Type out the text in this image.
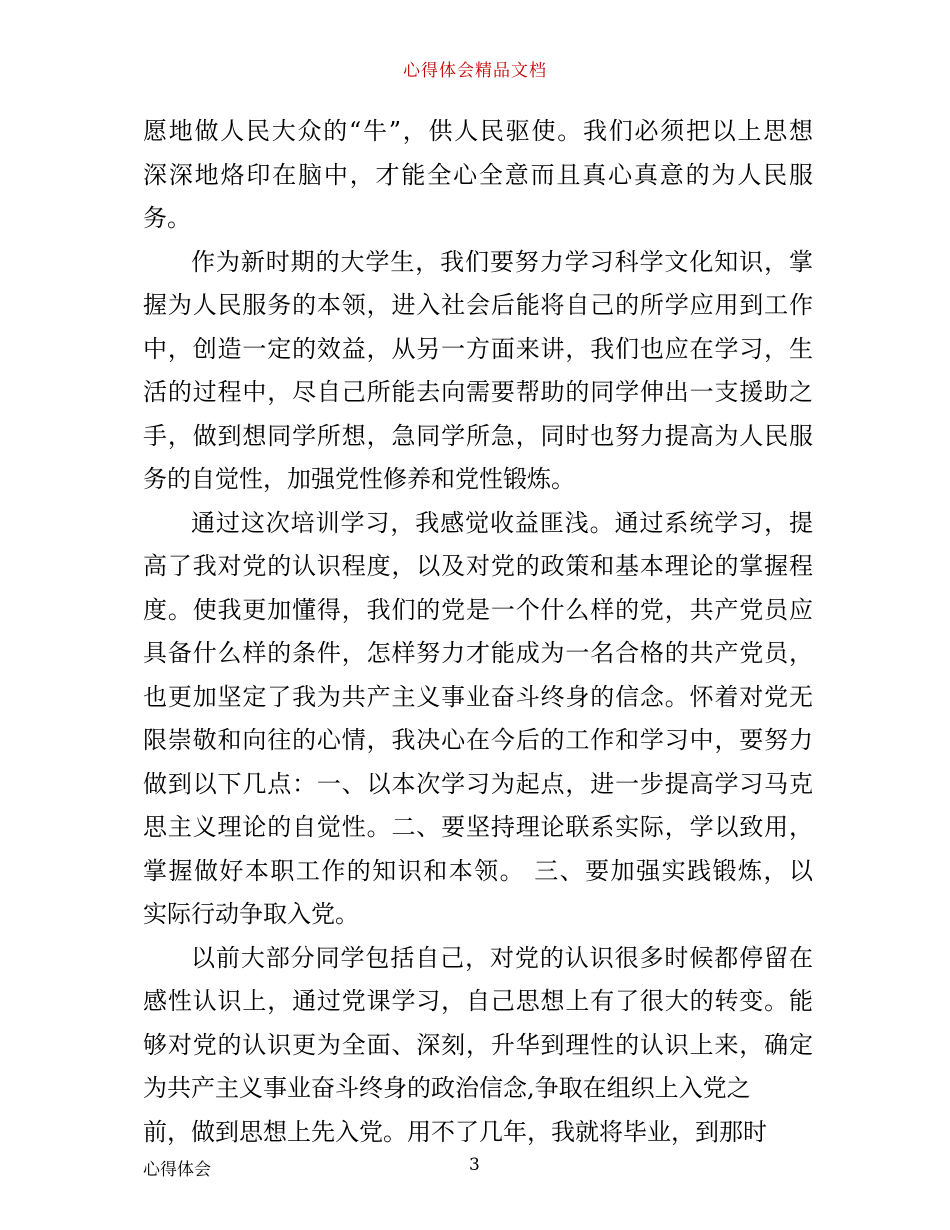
心得体会精品文档
愿地做人民大众的“牛”，供人民驱使。我们必须把以上思想
深深地烙印在脑中，才能全心全意而且真心真意的为人民服
务。
作为新时期的大学生，我们要努力学习科学文化知识，掌
握为人民服务的本领，进入社会后能将自己的所学应用到工作
中，创造一定的效益，从另一方面来讲，我们也应在学习，生
活的过程中，尽自己所能去向需要帮助的同学伸出一支援助之
手，做到想同学所想，急同学所急，同时也努力提高为人民服
务的自觉性，加强党性修养和党性锻炼。
通过这次培训学习，我感觉收益匪浅。通过系统学习，提
高了我对党的认识程度，以及对党的政策和基本理论的掌握程
度。使我更加懂得，我们的党是一个什么样的党，共产党员应
具备什么样的条件，怎样努力才能成为一名合格的共产党员，
也更加坚定了我为共产主义事业奋斗终身的信念。怀着对党无
限崇敬和向往的心情，我决心在今后的工作和学习中，要努力
做到以下几点：一、以本次学习为起点，进一步提高学习马克
思主义理论的自觉性。二、要坚持理论联系实际，学以致用，
掌握做好本职工作的知识和本领。 三、要加强实践锻炼，以
实际行动争取入党。
以前大部分同学包括自己，对党的认识很多时候都停留在
感性认识上，通过党课学习，自己思想上有了很大的转变。能
够对党的认识更为全面、深刻，升华到理性的认识上来，确定
为共产主义事业奋斗终身的政治信念,争取在组织上入党之
前，做到思想上先入党。用不了几年，我就将毕业，到那时
心得体会	3
